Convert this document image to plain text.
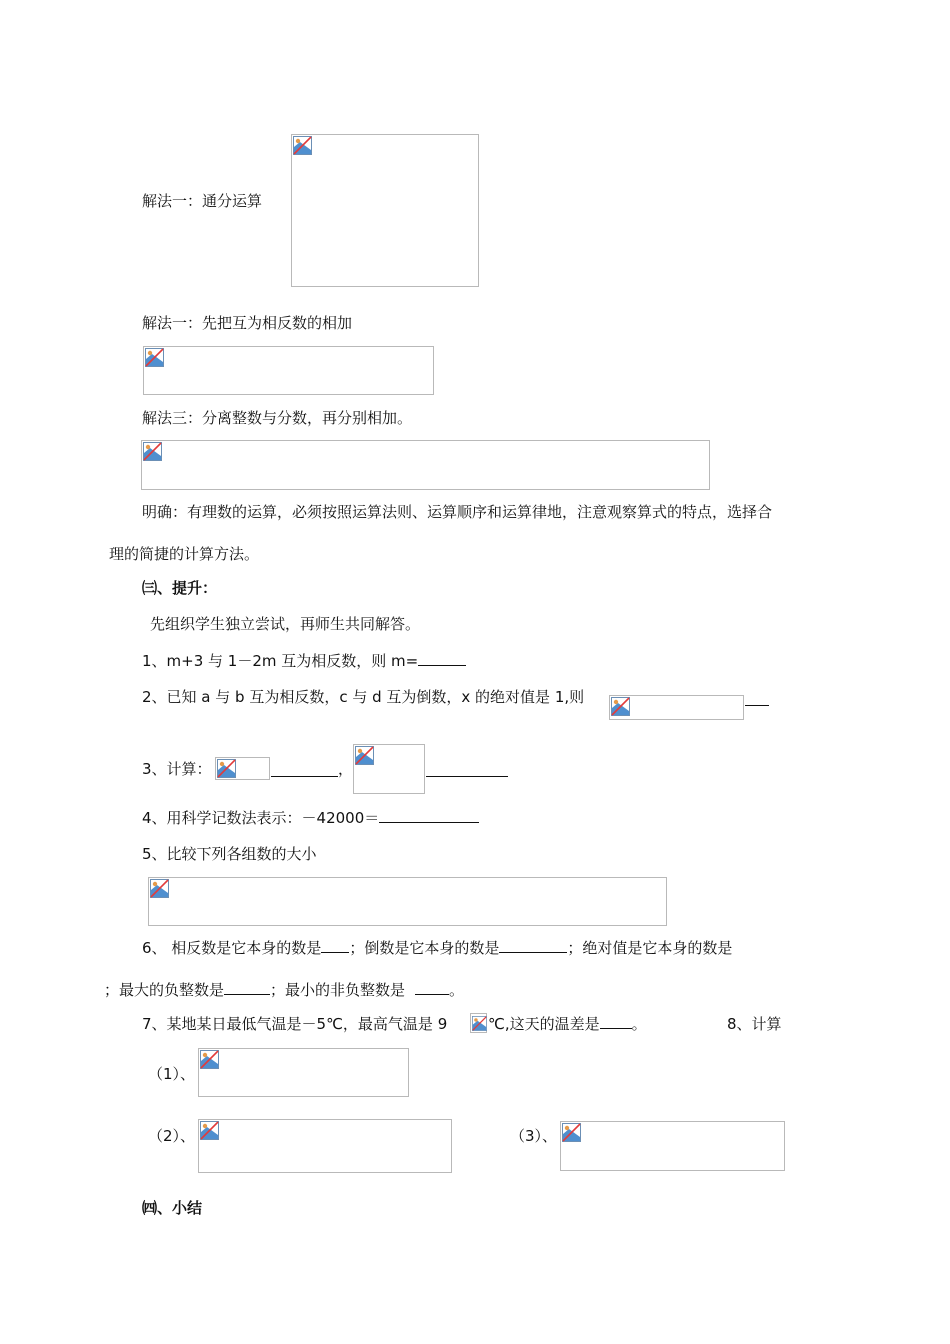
解法一：通分运算
解法一：先把互为相反数的相加
解法三：分离整数与分数，再分别相加。
明确：有理数的运算，必须按照运算法则、运算顺序和运算律地，注意观察算式的特点，选择合
理的简捷的计算方法。
㈢、提升：
先组织学生独立尝试，再师生共同解答。
1、m+3 与 1－2m 互为相反数，则 m=
2、已知 a 与 b 互为相反数，c 与 d 互为倒数，x 的绝对值是 1,则
3、计算：	，
4、用科学记数法表示：－42000＝
5、比较下列各组数的大小
6、 相反数是它本身的数是 ；倒数是它本身的数是	；绝对值是它本身的数是
；最大的负整数是	；最小的非负整数是	。
7、某地某日最低气温是－5℃，最高气温是 9	℃,这天的温差是 。	8、计算
（1）、
（2）、	（3）、
㈣、小结
